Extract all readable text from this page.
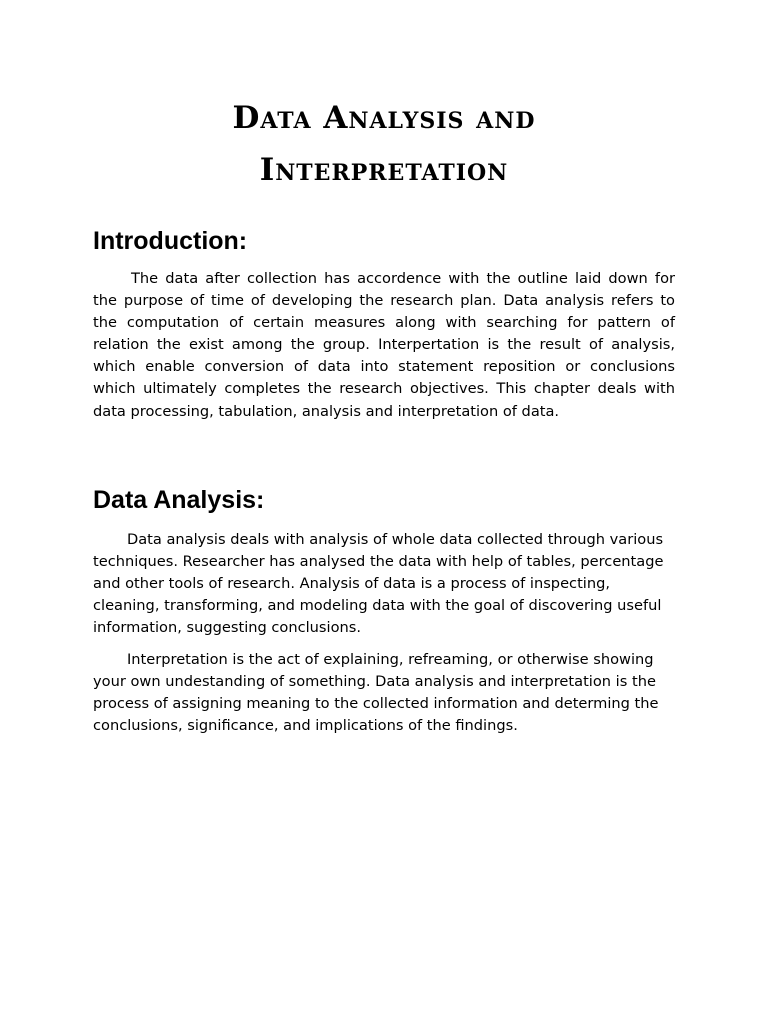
Data Analysis and
Interpretation
Introduction:

The data after collection has accordence with the outline laid down for the purpose of time of developing the research plan. Data analysis refers to the computation of certain measures along with searching for pattern of relation the exist among the group. Interpertation is the result of analysis, which enable conversion of data into statement reposition or conclusions which ultimately completes the research objectives. This chapter deals with data processing, tabulation, analysis and interpretation of data.

Data Analysis:

Data analysis deals with analysis of whole data collected through various techniques. Researcher has analysed the data with help of tables, percentage and other tools of research. Analysis of data is a process of inspecting, cleaning, transforming, and modeling data with the goal of discovering useful information, suggesting conclusions.

Interpretation is the act of explaining, refreaming, or otherwise showing your own undestanding of something. Data analysis and interpretation is the process of assigning meaning to the collected information and determing the conclusions, significance, and implications of the findings.
